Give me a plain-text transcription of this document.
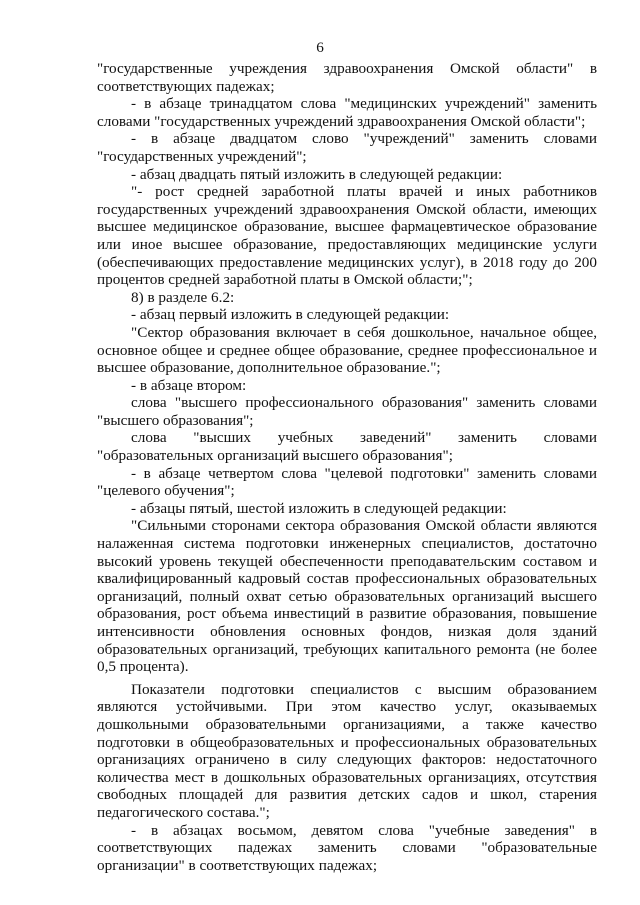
6

"государственные учреждения здравоохранения Омской области" в соответствующих падежах;

- в абзаце тринадцатом слова "медицинских учреждений" заменить словами "государственных учреждений здравоохранения Омской области";

- в абзаце двадцатом слово "учреждений" заменить словами "государственных учреждений";

- абзац двадцать пятый изложить в следующей редакции:

"- рост средней заработной платы врачей и иных работников государственных учреждений здравоохранения Омской области, имеющих высшее медицинское образование, высшее фармацевтическое образование или иное высшее образование, предоставляющих медицинские услуги (обеспечивающих предоставление медицинских услуг), в 2018 году до 200 процентов средней заработной платы в Омской области;";

8) в разделе 6.2:

- абзац первый изложить в следующей редакции:

"Сектор образования включает в себя дошкольное, начальное общее, основное общее и среднее общее образование, среднее профессиональное и высшее образование, дополнительное образование.";

- в абзаце втором:

слова "высшего профессионального образования" заменить словами "высшего образования";

слова "высших учебных заведений" заменить словами "образовательных организаций высшего образования";

- в абзаце четвертом слова "целевой подготовки" заменить словами "целевого обучения";

- абзацы пятый, шестой изложить в следующей редакции:

"Сильными сторонами сектора образования Омской области являются налаженная система подготовки инженерных специалистов, достаточно высокий уровень текущей обеспеченности преподавательским составом и квалифицированный кадровый состав профессиональных образовательных организаций, полный охват сетью образовательных организаций высшего образования, рост объема инвестиций в развитие образования, повышение интенсивности обновления основных фондов, низкая доля зданий образовательных организаций, требующих капитального ремонта (не более 0,5 процента).

Показатели подготовки специалистов с высшим образованием являются устойчивыми. При этом качество услуг, оказываемых дошкольными образовательными организациями, а также качество подготовки в общеобразовательных и профессиональных образовательных организациях ограничено в силу следующих факторов: недостаточного количества мест в дошкольных образовательных организациях, отсутствия свободных площадей для развития детских садов и школ, старения педагогического состава.";

- в абзацах восьмом, девятом слова "учебные заведения" в соответствующих падежах заменить словами "образовательные организации" в соответствующих падежах;
